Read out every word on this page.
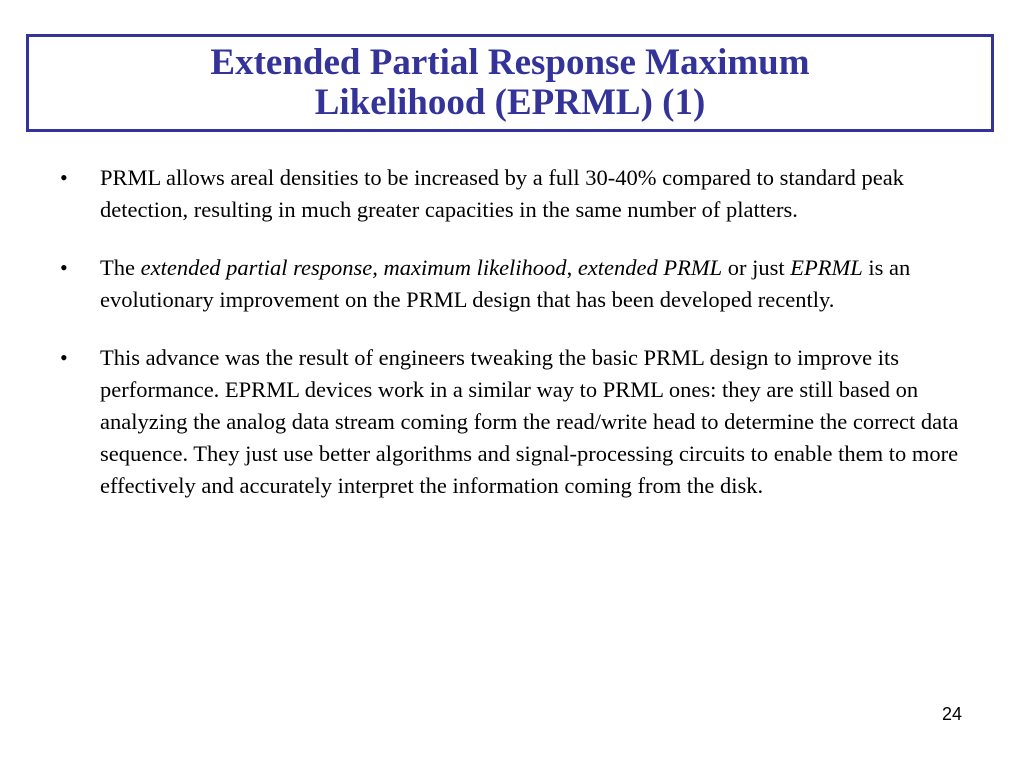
Extended Partial Response Maximum
Likelihood (EPRML) (1)
•	PRML allows areal densities to be increased by a full 30-40% compared to standard peak detection, resulting in much greater capacities in the same number of platters.
•	The extended partial response, maximum likelihood, extended PRML or just EPRML is an evolutionary improvement on the PRML design that has been developed recently.
•	This advance was the result of engineers tweaking the basic PRML design to improve its performance. EPRML devices work in a similar way to PRML ones: they are still based on analyzing the analog data stream coming form the read/write head to determine the correct data sequence. They just use better algorithms and signal-processing circuits to enable them to more effectively and accurately interpret the information coming from the disk.
24
